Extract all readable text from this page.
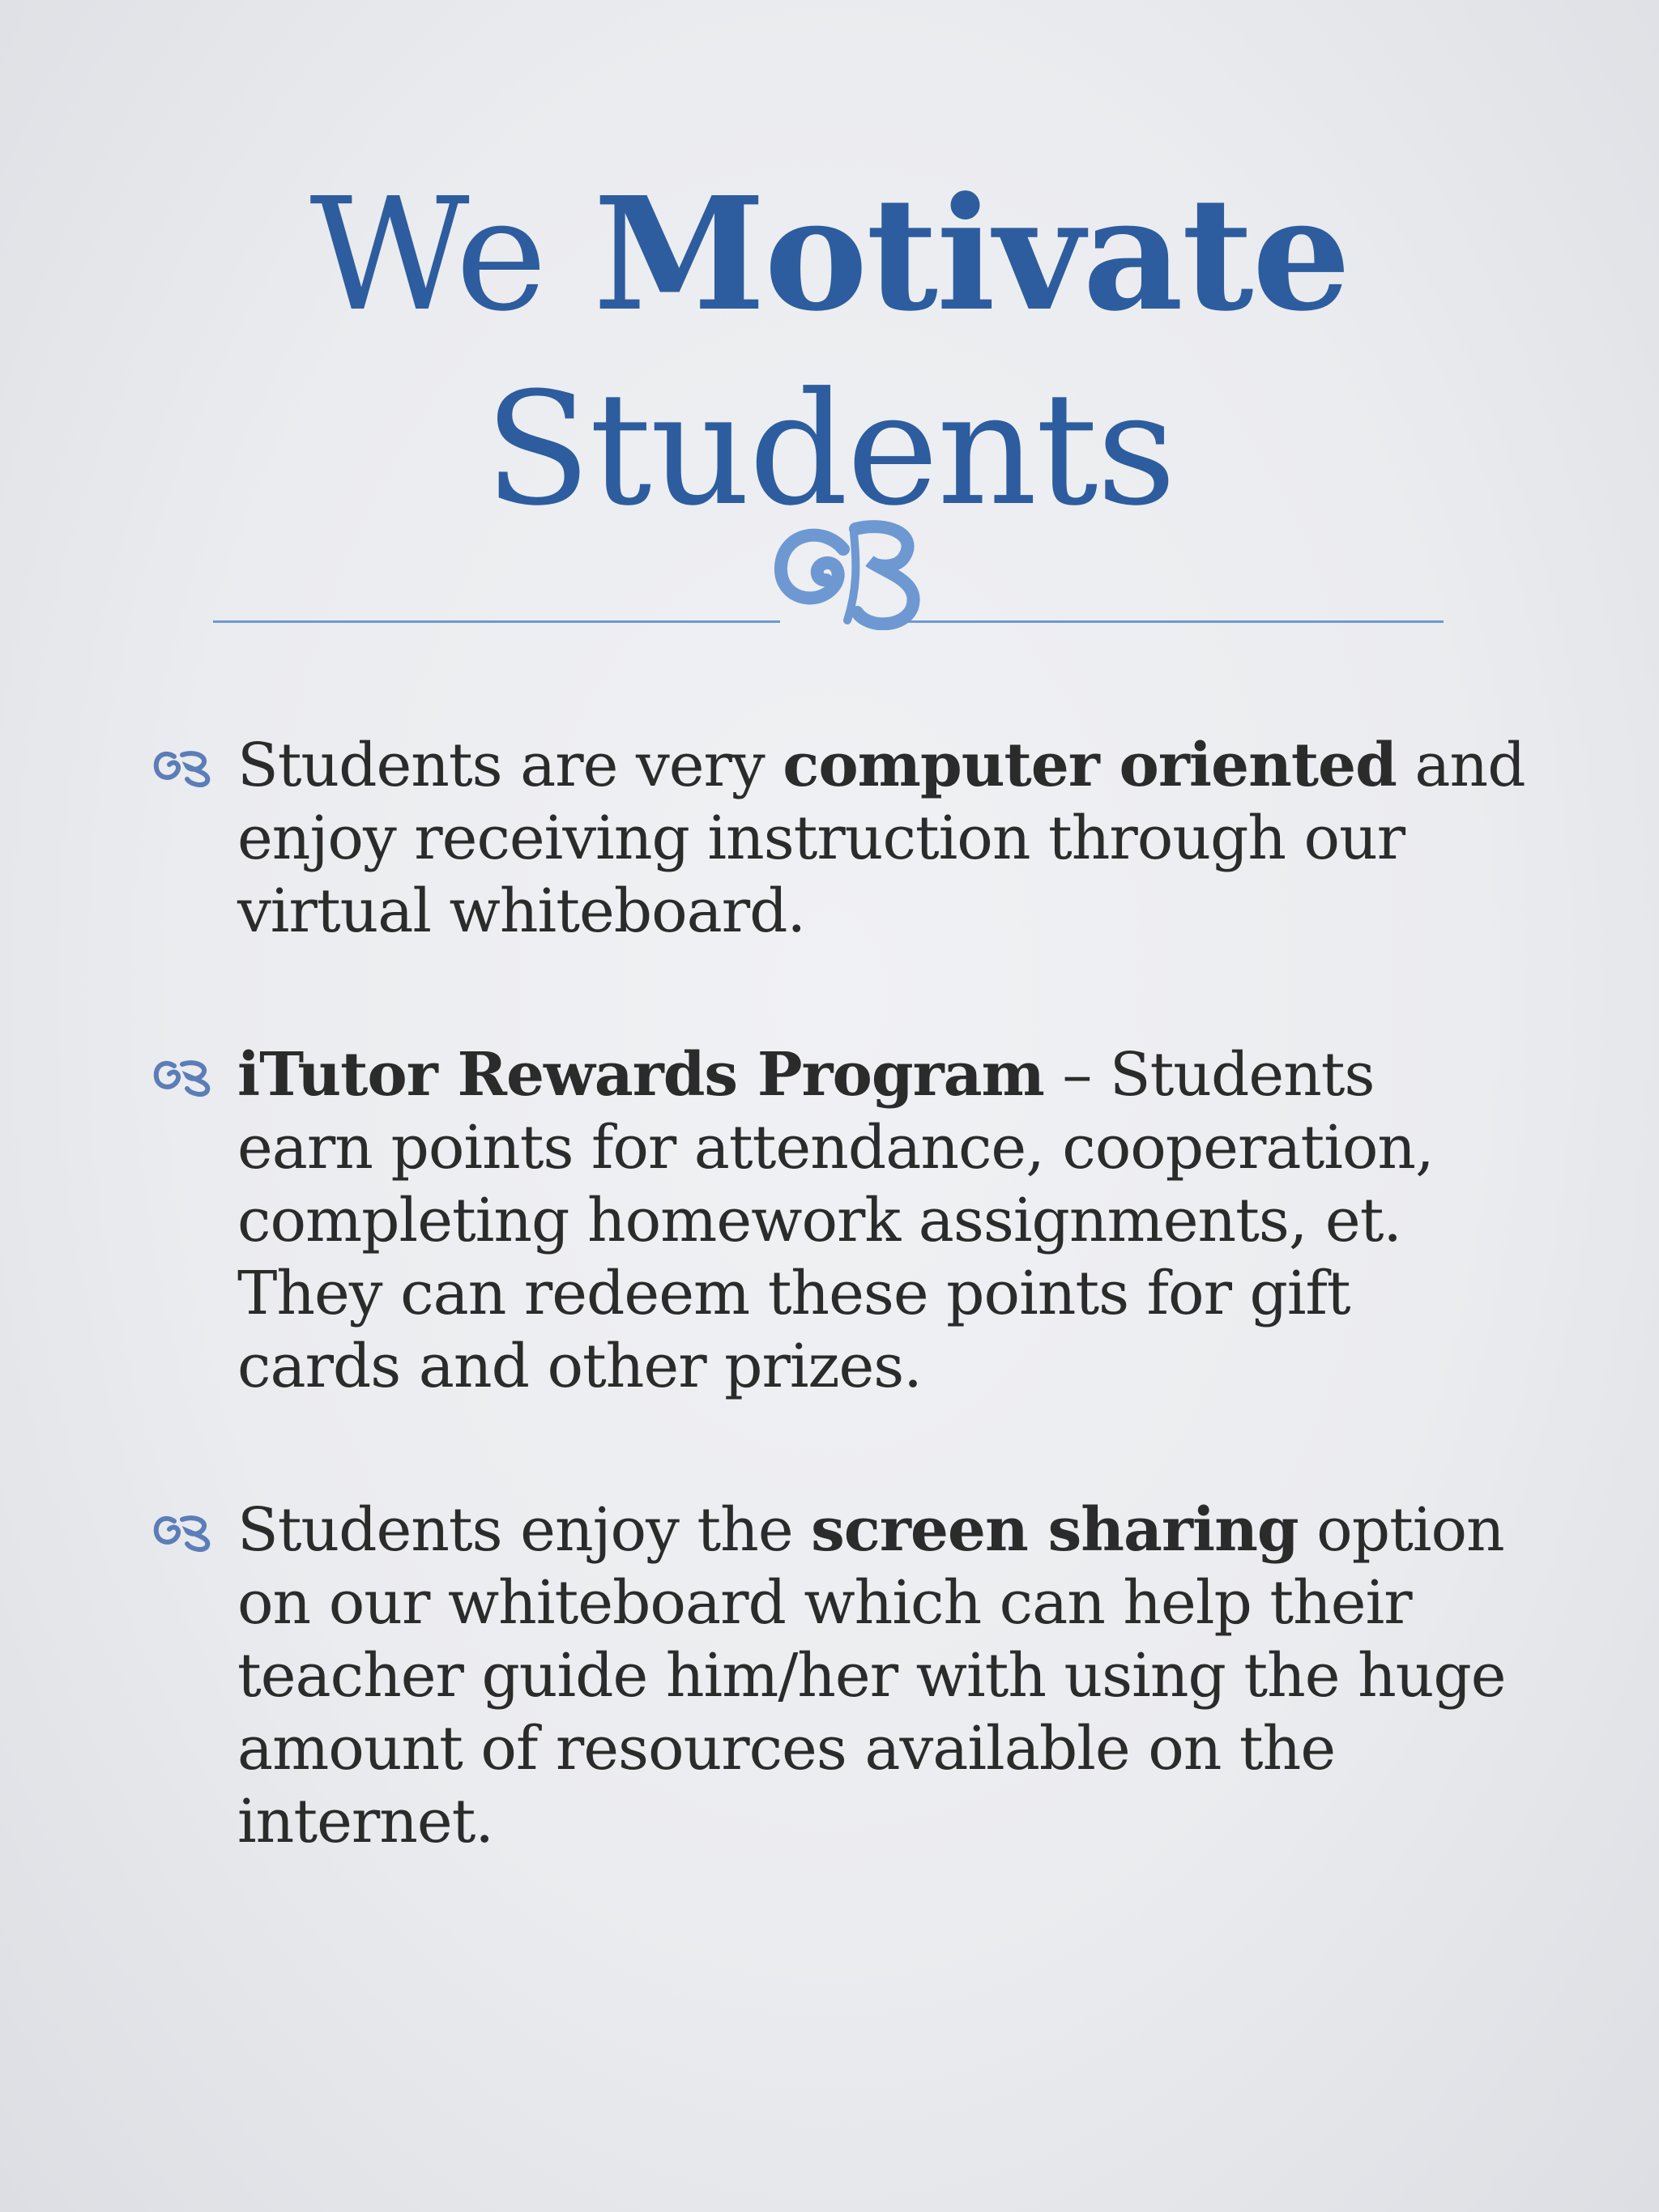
We Motivate
Students
Students are very computer oriented and enjoy receiving instruction through our virtual whiteboard.
iTutor Rewards Program – Students earn points for attendance, cooperation, completing homework assignments, et. They can redeem these points for gift cards and other prizes.
Students enjoy the screen sharing option on our whiteboard which can help their teacher guide him/her with using the huge amount of resources available on the internet.
